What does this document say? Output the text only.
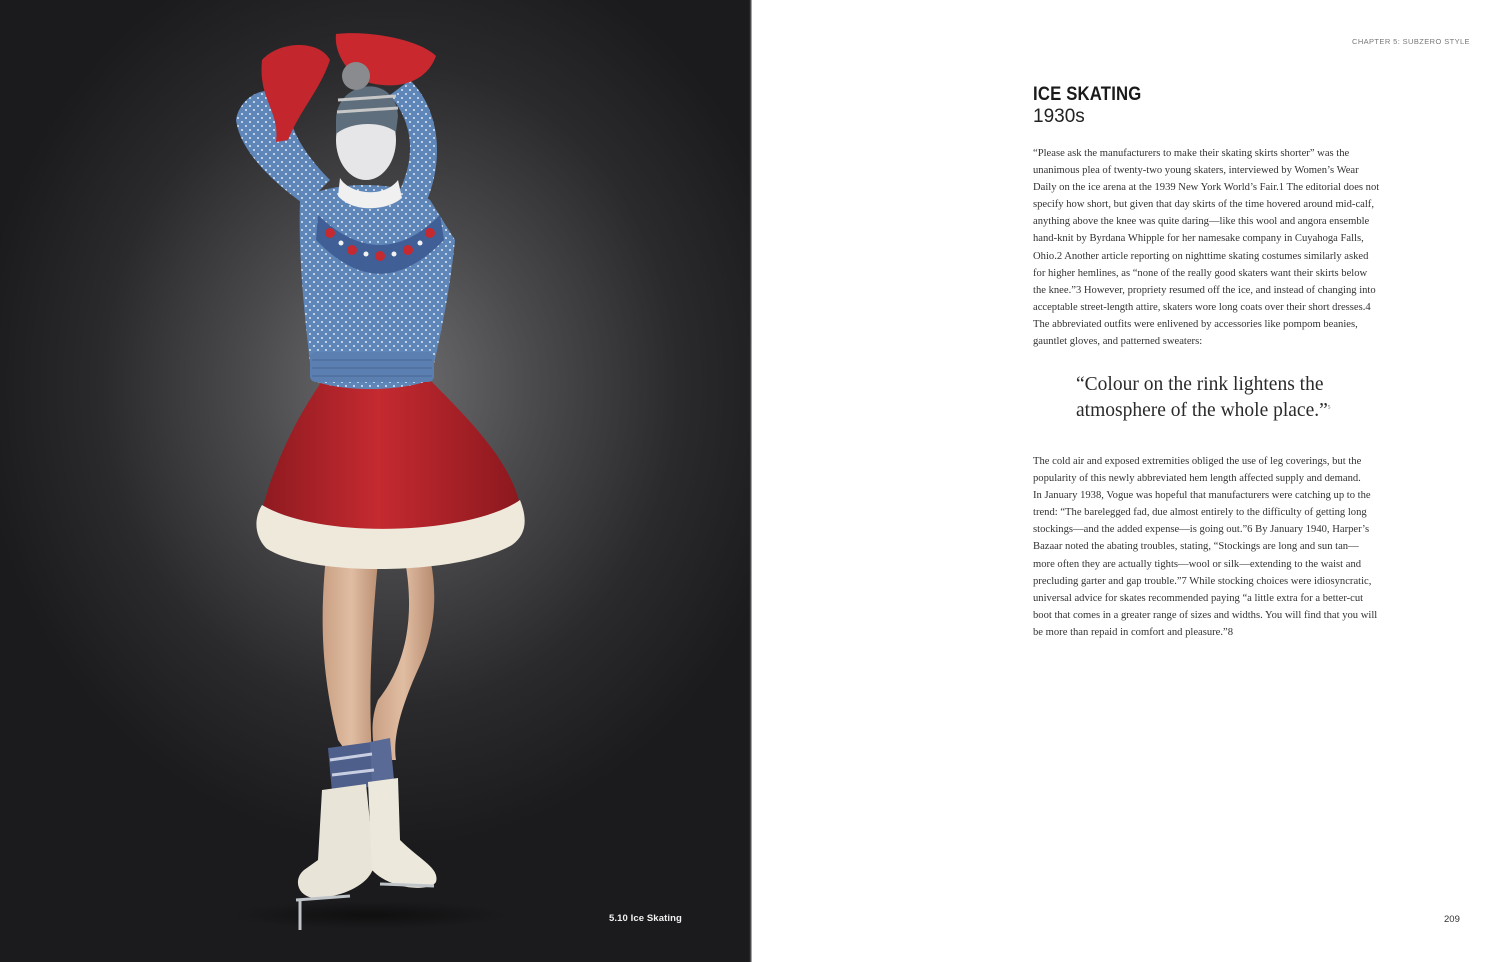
5.10 Ice Skating
CHAPTER 5: SUBZERO STYLE
ICE SKATING
1930s
“Please ask the manufacturers to make their skating skirts shorter” was the
unanimous plea of twenty-two young skaters, interviewed by Women’s Wear
Daily on the ice arena at the 1939 New York World’s Fair.1 The editorial does not
specify how short, but given that day skirts of the time hovered around mid-calf,
anything above the knee was quite daring—like this wool and angora ensemble
hand-knit by Byrdana Whipple for her namesake company in Cuyahoga Falls,
Ohio.2 Another article reporting on nighttime skating costumes similarly asked
for higher hemlines, as “none of the really good skaters want their skirts below
the knee.”3 However, propriety resumed off the ice, and instead of changing into
acceptable street-length attire, skaters wore long coats over their short dresses.4
The abbreviated outfits were enlivened by accessories like pompom beanies,
gauntlet gloves, and patterned sweaters:
“Colour on the rink lightens the
atmosphere of the whole place.”$^5$
The cold air and exposed extremities obliged the use of leg coverings, but the
popularity of this newly abbreviated hem length affected supply and demand.
In January 1938, Vogue was hopeful that manufacturers were catching up to the
trend: “The barelegged fad, due almost entirely to the difficulty of getting long
stockings—and the added expense—is going out.”6 By January 1940, Harper’s
Bazaar noted the abating troubles, stating, “Stockings are long and sun tan—
more often they are actually tights—wool or silk—extending to the waist and
precluding garter and gap trouble.”7 While stocking choices were idiosyncratic,
universal advice for skates recommended paying “a little extra for a better-cut
boot that comes in a greater range of sizes and widths. You will find that you will
be more than repaid in comfort and pleasure.”8
209
